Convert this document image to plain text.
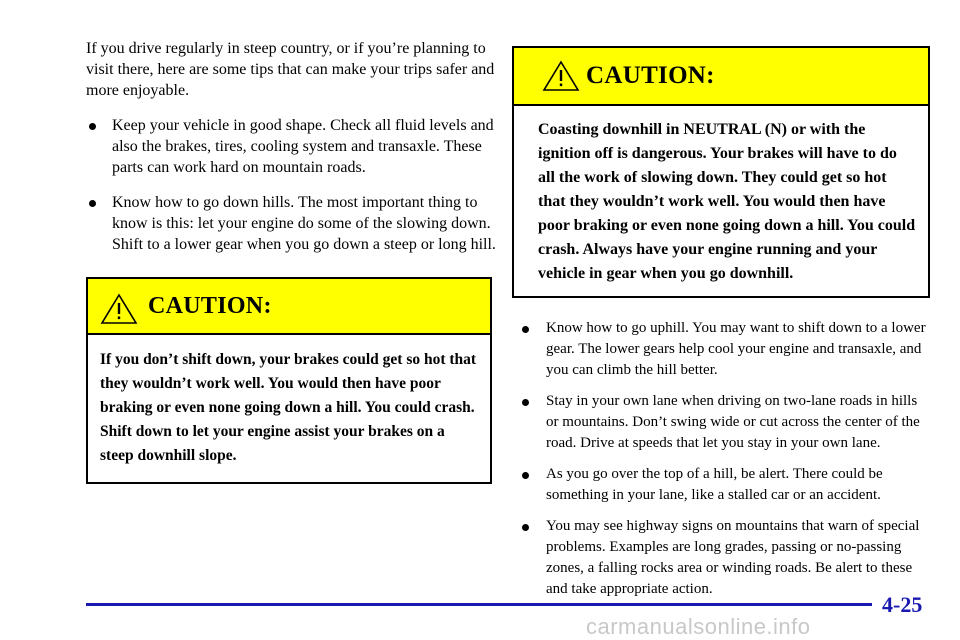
If you drive regularly in steep country, or if you’re planning to visit there, here are some tips that can make your trips safer and more enjoyable.

Keep your vehicle in good shape. Check all fluid levels and also the brakes, tires, cooling system and transaxle. These parts can work hard on mountain roads.
Know how to go down hills. The most important thing to know is this: let your engine do some of the slowing down. Shift to a lower gear when you go down a steep or long hill.
CAUTION:
If you don’t shift down, your brakes could get so hot that they wouldn’t work well. You would then have poor braking or even none going down a hill. You could crash. Shift down to let your engine assist your brakes on a steep downhill slope.
CAUTION:
Coasting downhill in NEUTRAL (N) or with the ignition off is dangerous. Your brakes will have to do all the work of slowing down. They could get so hot that they wouldn’t work well. You would then have poor braking or even none going down a hill. You could crash. Always have your engine running and your vehicle in gear when you go downhill.
Know how to go uphill. You may want to shift down to a lower gear. The lower gears help cool your engine and transaxle, and you can climb the hill better.
Stay in your own lane when driving on two-lane roads in hills or mountains. Don’t swing wide or cut across the center of the road. Drive at speeds that let you stay in your own lane.
As you go over the top of a hill, be alert. There could be something in your lane, like a stalled car or an accident.
You may see highway signs on mountains that warn of special problems. Examples are long grades, passing or no-passing zones, a falling rocks area or winding roads. Be alert to these and take appropriate action.
4-25
carmanualsonline.info
